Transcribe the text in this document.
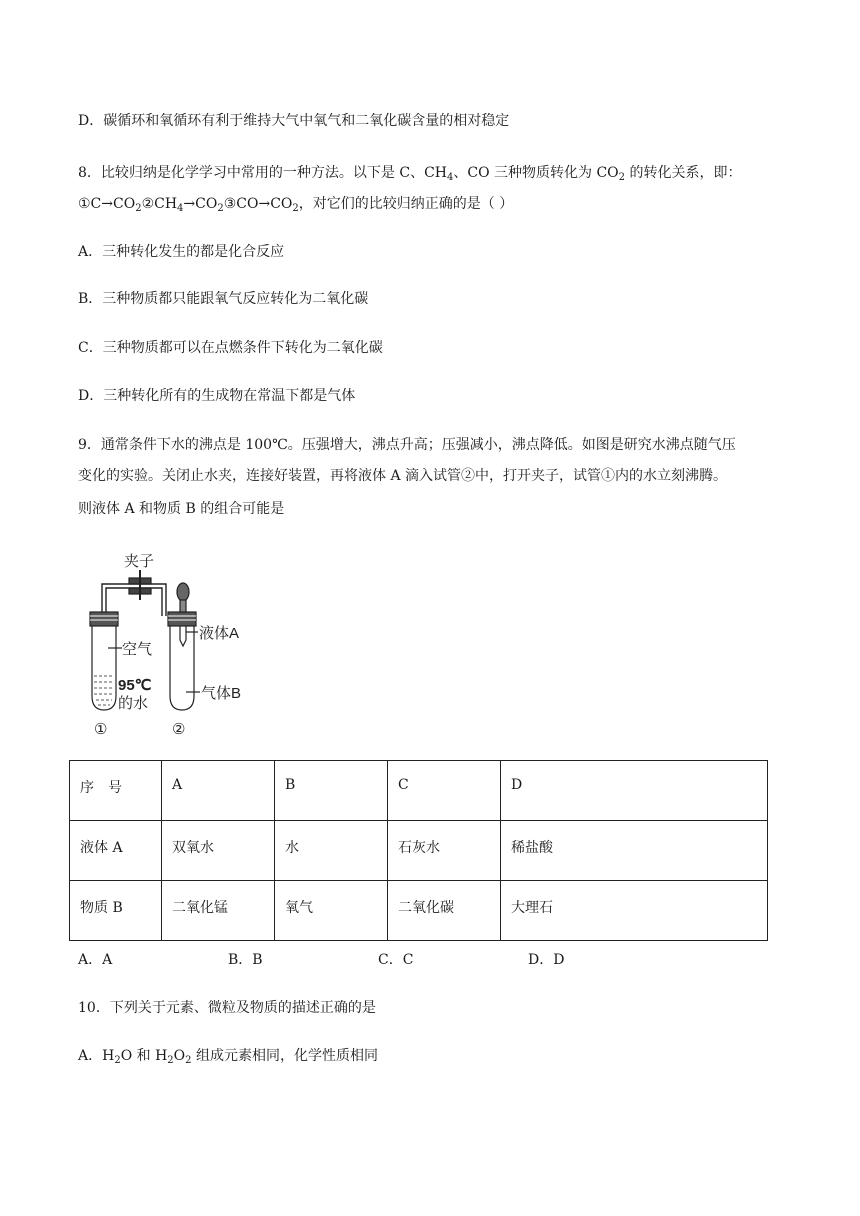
D．碳循环和氧循环有利于维持大气中氧气和二氧化碳含量的相对稳定
8．比较归纳是化学学习中常用的一种方法。以下是 C、$CH_4$、CO 三种物质转化为 $CO_2$ 的转化关系，即：
$①C\to CO_2②CH_4\to CO_2③CO\to CO_2$，对它们的比较归纳正确的是（ ）
A．三种转化发生的都是化合反应
B．三种物质都只能跟氧气反应转化为二氧化碳
C．三种物质都可以在点燃条件下转化为二氧化碳
D．三种转化所有的生成物在常温下都是气体
9．通常条件下水的沸点是 100℃。压强增大，沸点升高；压强减小，沸点降低。如图是研究水沸点随气压
变化的实验。关闭止水夹，连接好装置，再将液体 A 滴入试管②中，打开夹子，试管①内的水立刻沸腾。
则液体 A 和物质 B 的组合可能是
夹子
空气
95℃
的水
①
液体A
气体B
②
序　号	A	B	C	D
液体 A	双氧水	水	石灰水	稀盐酸
物质 B	二氧化锰	氧气	二氧化碳	大理石
A．A	B．B	C．C	D．D
10．下列关于元素、微粒及物质的描述正确的是
A．$H_2O$ 和 $H_2O_2$ 组成元素相同，化学性质相同
